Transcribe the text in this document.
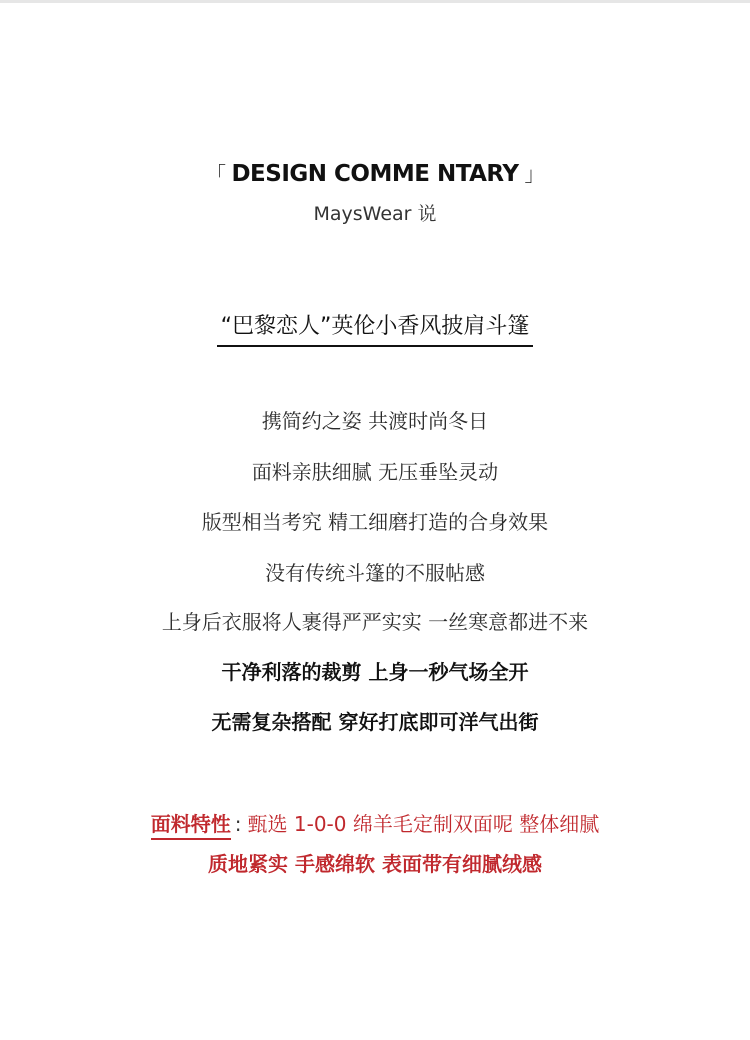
「 DESIGN COMME NTARY 」
MaysWear 说
“巴黎恋人”英伦小香风披肩斗篷
携简约之姿 共渡时尚冬日
面料亲肤细腻 无压垂坠灵动
版型相当考究 精工细磨打造的合身效果
没有传统斗篷的不服帖感
上身后衣服将人裹得严严实实 一丝寒意都进不来
干净利落的裁剪 上身一秒气场全开
无需复杂搭配 穿好打底即可洋气出街
面料特性 : 甄选 1-0-0 绵羊毛定制双面呢 整体细腻
质地紧实 手感绵软 表面带有细腻绒感
